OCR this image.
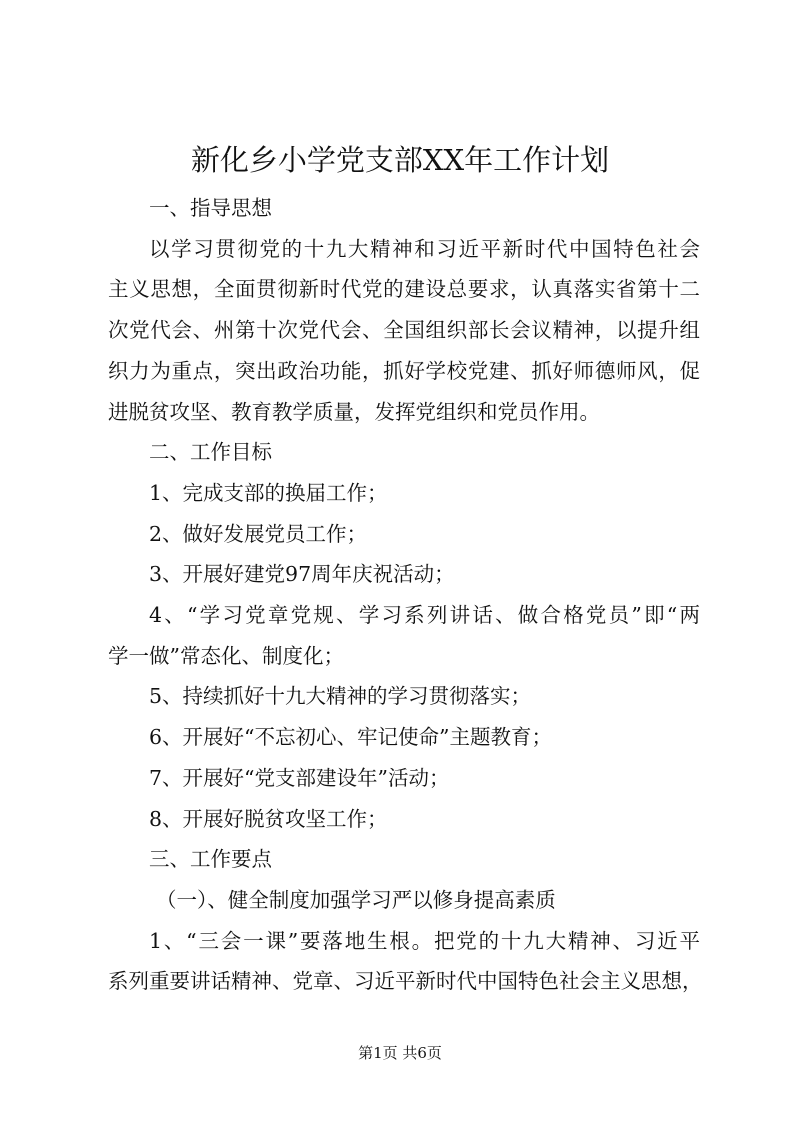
新化乡小学党支部XX年工作计划

一、指导思想

以学习贯彻党的十九大精神和习近平新时代中国特色社会

主义思想，全面贯彻新时代党的建设总要求，认真落实省第十二

次党代会、州第十次党代会、全国组织部长会议精神，以提升组

织力为重点，突出政治功能，抓好学校党建、抓好师德师风，促

进脱贫攻坚、教育教学质量，发挥党组织和党员作用。

二、工作目标

1、完成支部的换届工作；

2、做好发展党员工作；

3、开展好建党97周年庆祝活动；

4、“学习党章党规、学习系列讲话、做合格党员”即“两

学一做”常态化、制度化；

5、持续抓好十九大精神的学习贯彻落实；

6、开展好“不忘初心、牢记使命”主题教育；

7、开展好“党支部建设年”活动；

8、开展好脱贫攻坚工作；

三、工作要点

（一）、健全制度加强学习严以修身提高素质

1、“三会一课”要落地生根。把党的十九大精神、习近平

系列重要讲话精神、党章、习近平新时代中国特色社会主义思想，

第1页 共6页
